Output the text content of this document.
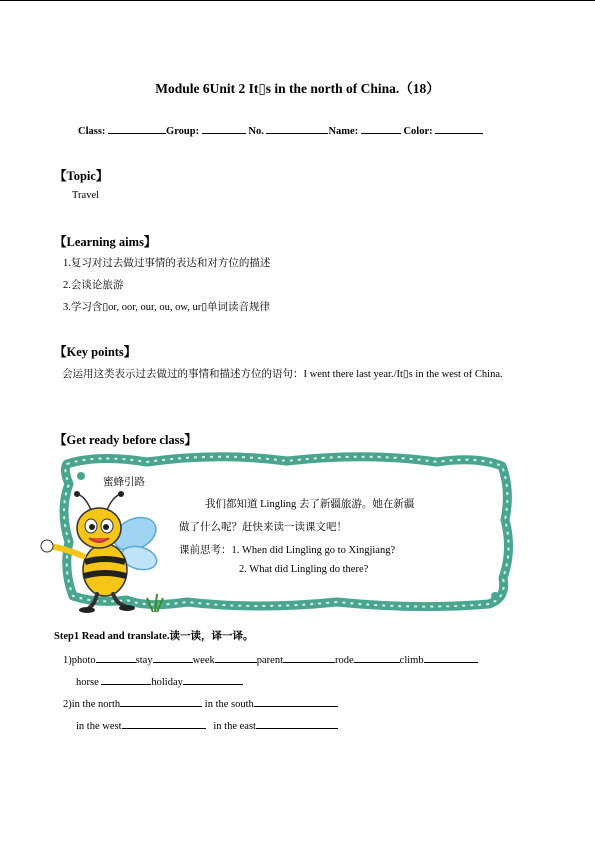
Module 6Unit 2 It▯s in the north of China.（18）
Class:	Group:	No.	Name:	Color:
【Topic】
Travel
【Learning aims】
1.复习对过去做过事情的表达和对方位的描述
2.会谈论旅游
3.学习含▯or, oor, our, ou, ow, ur▯单词读音规律
【Key points】
会运用这类表示过去做过的事情和描述方位的语句：I went there last year./It▯s in the west of China.
【Get ready before class】
蜜蜂引路
我们都知道 Lingling 去了新疆旅游。她在新疆
做了什么呢？赶快来读一读课文吧！
课前思考：1. When did Lingling go to Xingjiang?
2. What did Lingling do there?
Step1 Read and translate.读一读，译一译。
1)photo	stay	week	parent	rode	climb
horse	holiday
2)in the north	in the south
in the west	in the east
